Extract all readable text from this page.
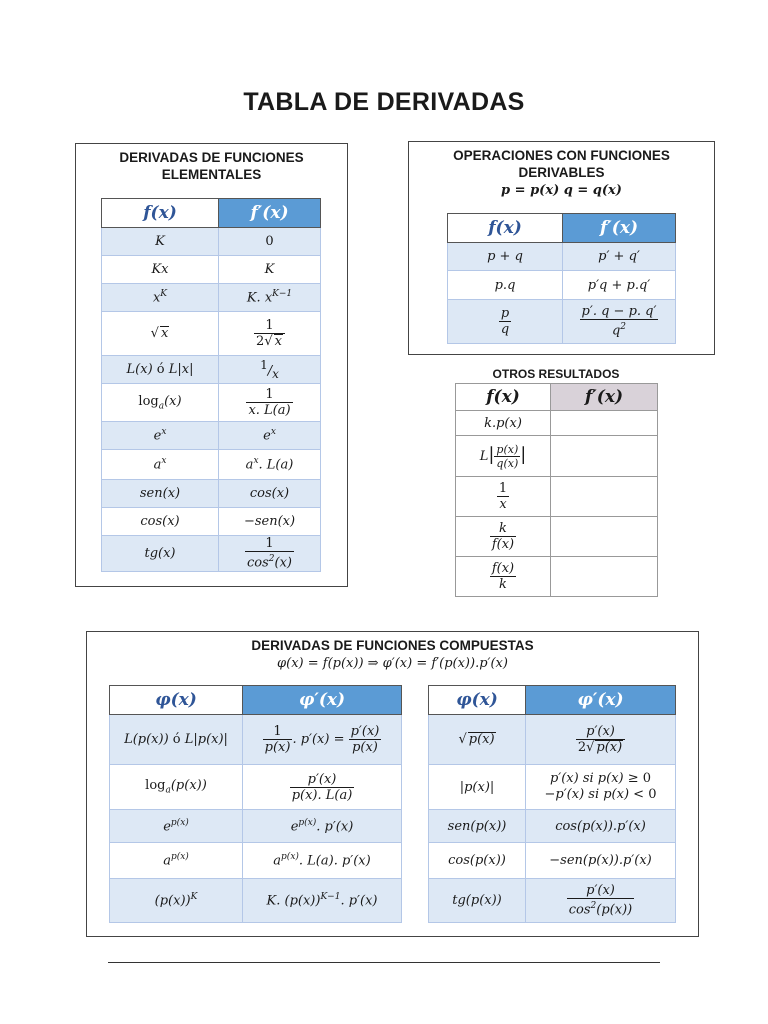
TABLA DE DERIVADAS
DERIVADAS DE FUNCIONES ELEMENTALES
f(x)	f′(x)
K	0
Kx	K
$x^K$	K. $x^{K-1}$
√ x	$\frac{1}{2√ x}$

L(x) ó L|x|	$^1/_x$
$\log_a(x)$	$\frac{1}{x. L(a)}$

$e^x$	$e^x$
$a^x$	$a^x$. L(a)
sen(x)	cos(x)
cos(x)	−sen(x)
tg(x)	$\frac{1}{\cos^2(x)}$
OPERACIONES CON FUNCIONES DERIVABLES
p = p(x) q = q(x)
f(x)	f′(x)
p + q	p′ + q′
p.q	p′q + p.q′

$\frac{p}{q}$	$\frac{p'. q - p. q'}{q^2}$
OTROS RESULTADOS
f(x)	f′(x)
k.p(x)	
$L| \frac{p(x)}{q(x)}$ |	

$\frac{1}{x}$

$\frac{k}{f(x)}$

$\frac{f(x)}{k}$

DERIVADAS DE FUNCIONES COMPUESTAS
φ(x) = f(p(x)) ⇒ φ′(x) = f′(p(x)).p′(x)
φ(x)	φ′(x)
L(p(x)) ó L|p(x)|	$\frac{1}{p(x)}$ . $p'(x) = \frac{p'(x)}{p(x)}$

$\log_a(p(x))$	$\frac{p'(x)}{p(x). L(a)}$

$e^{p(x)}$	$e^{p(x)}$. p′(x)
$a^{p(x)}$	$a^{p(x)}$. L(a). p′(x)
$(p(x))^K$	K. $(p(x))^{K-1}$. p′(x)
φ(x)	φ′(x)
√ p(x)	$\frac{p'(x)}{2√ p(x)}$

|p(x)|	p′(x) si p(x) ≥ 0
−p′(x) si p(x) < 0
sen(p(x))	cos(p(x)).p′(x)
cos(p(x))	−sen(p(x)).p′(x)
tg(p(x))	$\frac{p'(x)}{\cos^2(p(x))}$
